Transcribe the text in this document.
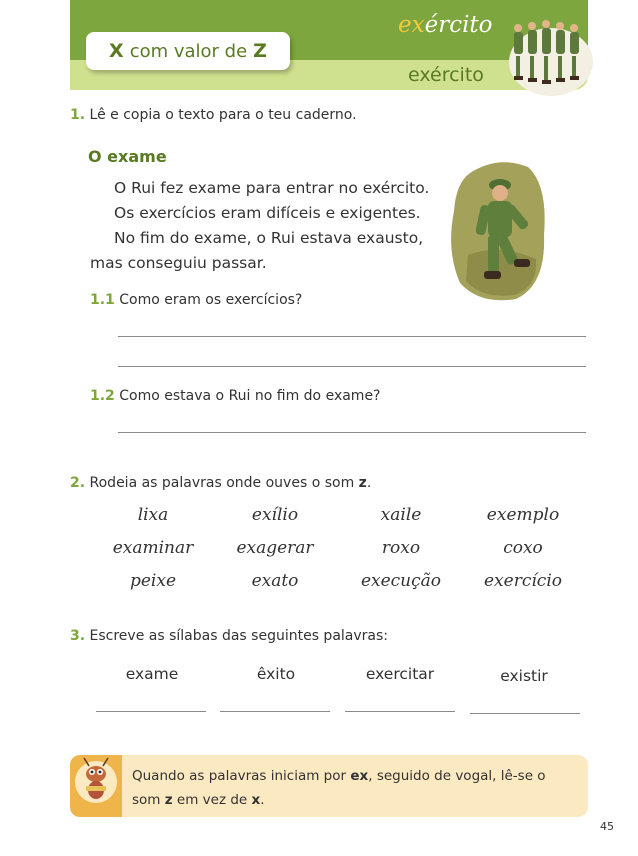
X com valor de Z
exército
exército
1. Lê e copia o texto para o teu caderno.
O exame
O Rui fez exame para entrar no exército.
Os exercícios eram difíceis e exigentes.
No fim do exame, o Rui estava exausto,
mas conseguiu passar.
1.1 Como eram os exercícios?
1.2 Como estava o Rui no fim do exame?
2. Rodeia as palavras onde ouves o som z.
lixa	exílio	xaile	exemplo
examinar	exagerar	roxo	coxo
peixe	exato	execução	exercício
3. Escreve as sílabas das seguintes palavras:
exame	êxito	exercitar	existir
Quando as palavras iniciam por ex, seguido de vogal, lê-se o
som z em vez de x.
45
